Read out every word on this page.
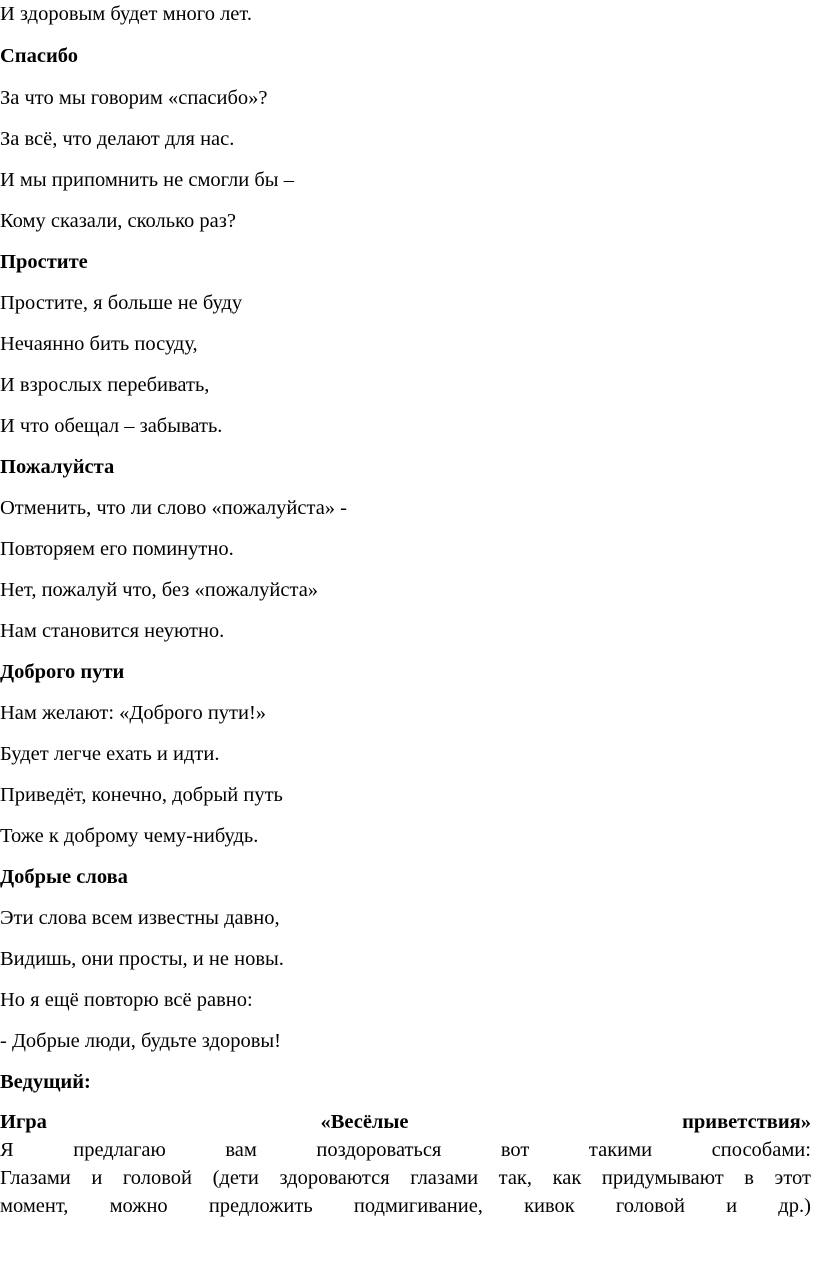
И здоровым будет много лет.
Спасибо
За что мы говорим «спасибо»?
За всё, что делают для нас.
И мы припомнить не смогли бы –
Кому сказали, сколько раз?
Простите
Простите, я больше не буду
Нечаянно бить посуду,
И взрослых перебивать,
И что обещал – забывать.
Пожалуйста
Отменить, что ли слово «пожалуйста» -
Повторяем его поминутно.
Нет, пожалуй что, без «пожалуйста»
Нам становится неуютно.
Доброго пути
Нам желают: «Доброго пути!»
Будет легче ехать и идти.
Приведёт, конечно, добрый путь
Тоже к доброму чему-нибудь.
Добрые слова
Эти слова всем известны давно,
Видишь, они просты, и не новы.
Но я ещё повторю всё равно:
- Добрые люди, будьте здоровы!
Ведущий:
Игра	«Весёлые	приветствия»
Я	предлагаю	вам	поздороваться	вот	такими	способами:
Глазами и головой (дети здороваются глазами так, как придумывают в этот
момент, можно предложить подмигивание, кивок головой и др.)
